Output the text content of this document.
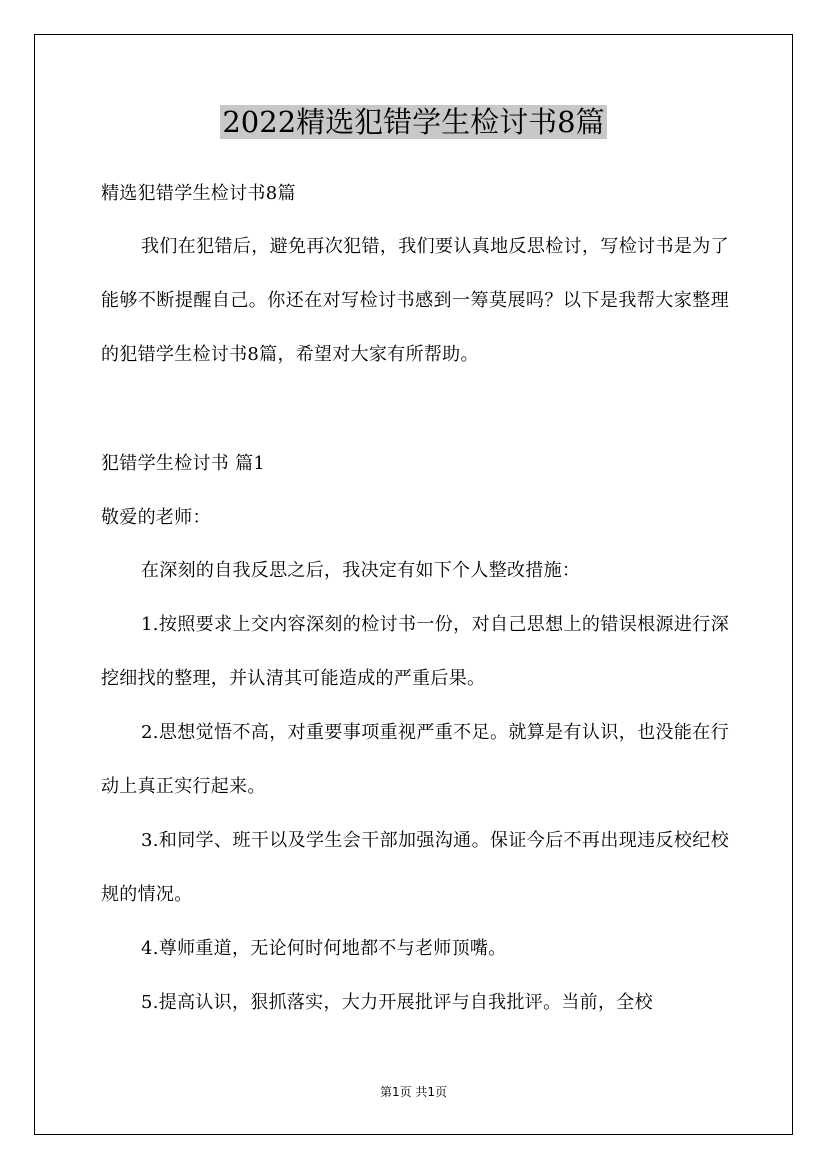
2022精选犯错学生检讨书8篇
精选犯错学生检讨书8篇

我们在犯错后，避免再次犯错，我们要认真地反思检讨，写检讨书是为了能够不断提醒自己。你还在对写检讨书感到一筹莫展吗？以下是我帮大家整理的犯错学生检讨书8篇，希望对大家有所帮助。

犯错学生检讨书 篇1
敬爱的老师：

在深刻的自我反思之后，我决定有如下个人整改措施：

1.按照要求上交内容深刻的检讨书一份，对自己思想上的错误根源进行深挖细找的整理，并认清其可能造成的严重后果。

2.思想觉悟不高，对重要事项重视严重不足。就算是有认识，也没能在行动上真正实行起来。

3.和同学、班干以及学生会干部加强沟通。保证今后不再出现违反校纪校规的情况。

4.尊师重道，无论何时何地都不与老师顶嘴。

5.提高认识，狠抓落实，大力开展批评与自我批评。当前，全校

第1页 共1页
